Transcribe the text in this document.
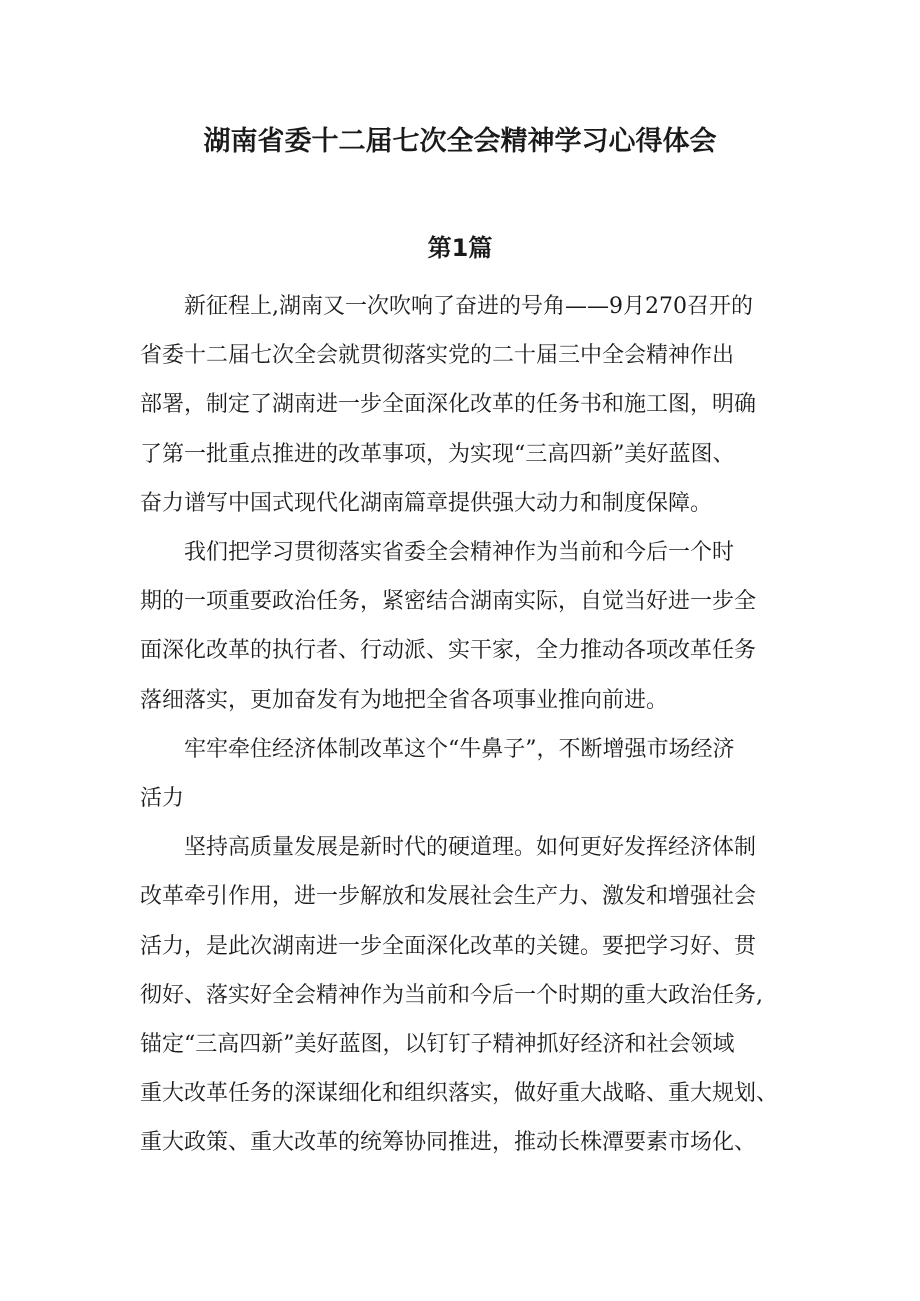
湖南省委十二届七次全会精神学习心得体会
第1篇

新征程上,湖南又一次吹响了奋进的号角——9月270召开的
省委十二届七次全会就贯彻落实党的二十届三中全会精神作出
部署，制定了湖南进一步全面深化改革的任务书和施工图，明确
了第一批重点推进的改革事项，为实现“三高四新”美好蓝图、
奋力谱写中国式现代化湖南篇章提供强大动力和制度保障。

我们把学习贯彻落实省委全会精神作为当前和今后一个时
期的一项重要政治任务，紧密结合湖南实际，自觉当好进一步全
面深化改革的执行者、行动派、实干家，全力推动各项改革任务
落细落实，更加奋发有为地把全省各项事业推向前进。

牢牢牵住经济体制改革这个“牛鼻子”，不断增强市场经济
活力

坚持高质量发展是新时代的硬道理。如何更好发挥经济体制
改革牵引作用，进一步解放和发展社会生产力、激发和增强社会
活力，是此次湖南进一步全面深化改革的关键。要把学习好、贯
彻好、落实好全会精神作为当前和今后一个时期的重大政治任务,
锚定“三高四新”美好蓝图，以钉钉子精神抓好经济和社会领域
重大改革任务的深谋细化和组织落实，做好重大战略、重大规划、
重大政策、重大改革的统筹协同推进，推动长株潭要素市场化、
